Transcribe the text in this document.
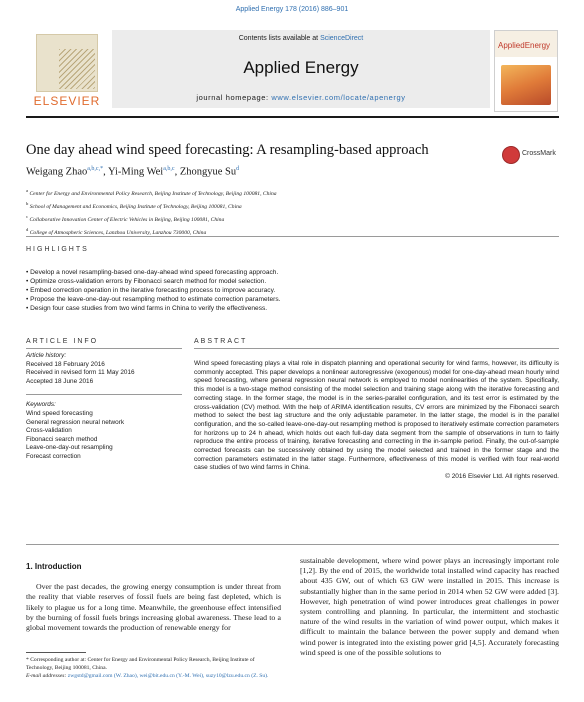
Applied Energy 178 (2016) 886–901
ELSEVIER
Contents lists available at ScienceDirect
Applied Energy
journal homepage: www.elsevier.com/locate/apenergy
AppliedEnergy
One day ahead wind speed forecasting: A resampling-based approach	CrossMark
Weigang Zhao$^{a,b,c,*}$, Yi-Ming Wei$^{a,b,c}$, Zhongyue Su$^d$
$^a$ Center for Energy and Environmental Policy Research, Beijing Institute of Technology, Beijing 100081, China
$^b$ School of Management and Economics, Beijing Institute of Technology, Beijing 100081, China
$^c$ Collaborative Innovation Center of Electric Vehicles in Beijing, Beijing 100081, China
$^d$ College of Atmospheric Sciences, Lanzhou University, Lanzhou 730000, China
HIGHLIGHTS
• Develop a novel resampling-based one-day-ahead wind speed forecasting approach.
• Optimize cross-validation errors by Fibonacci search method for model selection.
• Embed correction operation in the iterative forecasting process to improve accuracy.
• Propose the leave-one-day-out resampling method to estimate correction parameters.
• Design four case studies from two wind farms in China to verify the effectiveness.
ARTICLE INFO	ABSTRACT
Article history:
Received 18 February 2016
Received in revised form 11 May 2016
Accepted 18 June 2016
Keywords:
Wind speed forecasting
General regression neural network
Cross-validation
Fibonacci search method
Leave-one-day-out resampling
Forecast correction
Wind speed forecasting plays a vital role in dispatch planning and operational security for wind farms, however, its difficulty is commonly accepted. This paper develops a nonlinear autoregressive (exogenous) model for one-day-ahead mean hourly wind speed forecasting, where general regression neural network is employed to model nonlinearities of the system. Specifically, this model is a two-stage method consisting of the model selection and training stage along with the iterative forecasting and correcting stage. In the former stage, the model is in the series-parallel configuration, and its test error is estimated by the cross-validation (CV) method. With the help of ARIMA identification results, CV errors are minimized by the Fibonacci search method to select the best lag structure and the only adjustable parameter. In the latter stage, the model is in the parallel configuration, and the so-called leave-one-day-out resampling method is proposed to iteratively estimate correction parameters for horizons up to 24 h ahead, which holds out each full-day data segment from the sample of observations in turn to fairly reproduce the entire process of training, iterative forecasting and correcting in the in-sample period. Finally, the out-of-sample corrected forecasts can be successively obtained by using the model selected and trained in the former stage and the correction parameters estimated in the latter stage. Furthermore, effectiveness of this model is verified with four real-world case studies of two wind farms in China.
© 2016 Elsevier Ltd. All rights reserved.
1. Introduction

Over the past decades, the growing energy consumption is under threat from the reality that viable reserves of fossil fuels are being fast depleted, which is likely to plague us for a long time. Meanwhile, the greenhouse effect intensified by the burning of fossil fuels brings increasing global awareness. These lead to a global movement towards the production of renewable energy for

sustainable development, where wind power plays an increasingly important role [1,2]. By the end of 2015, the worldwide total installed wind capacity has reached about 435 GW, out of which 63 GW were installed in 2015. This increase is substantially higher than in the same period in 2014 when 52 GW were added [3]. However, high penetration of wind power introduces great challenges in power system controlling and planning. In particular, the intermittent and stochastic nature of the wind results in the variation of wind power output, which makes it difficult to maintain the balance between the power supply and demand when wind power is integrated into the existing power grid [4,5]. Accurately forecasting wind speed is one of the possible solutions to

* Corresponding author at: Center for Energy and Environmental Policy Research, Beijing Institute of Technology, Beijing 100081, China.
E-mail addresses: zwgstd@gmail.com (W. Zhao), wei@bit.edu.cn (Y.-M. Wei), suzy10@lzu.edu.cn (Z. Su).
